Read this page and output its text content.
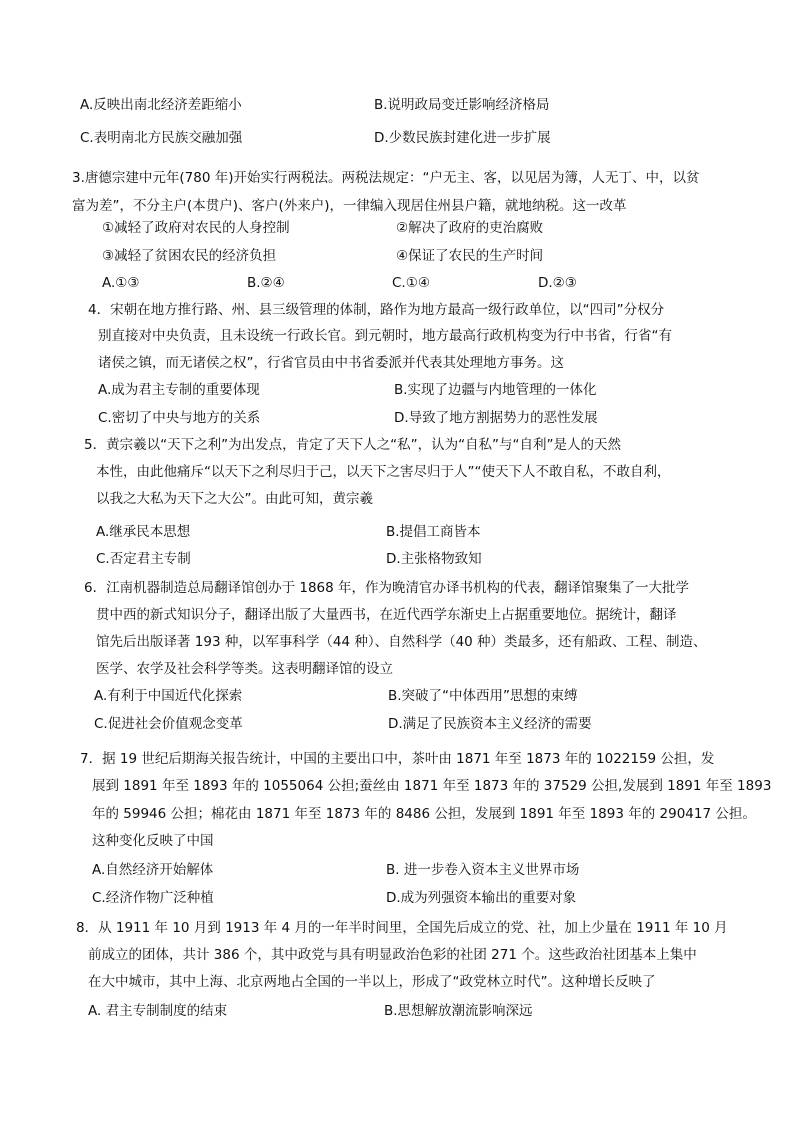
A.反映出南北经济差距缩小	B.说明政局变迁影响经济格局
C.表明南北方民族交融加强	D.少数民族封建化进一步扩展
3.唐德宗建中元年(780 年)开始实行两税法。两税法规定：“户无主、客，以见居为簿，人无丁、中，以贫
富为差”，不分主户(本贯户)、客户(外来户)，一律编入现居住州县户籍，就地纳税。这一改革
①减轻了政府对农民的人身控制	②解决了政府的吏治腐败
③减轻了贫困农民的经济负担	④保证了农民的生产时间
A.①③	B.②④	C.①④	D.②③
4．宋朝在地方推行路、州、县三级管理的体制，路作为地方最高一级行政单位，以“四司”分权分
别直接对中央负责，且未设统一行政长官。到元朝时，地方最高行政机构变为行中书省，行省“有
诸侯之镇，而无诸侯之权”，行省官员由中书省委派并代表其处理地方事务。这
A.成为君主专制的重要体现	B.实现了边疆与内地管理的一体化
C.密切了中央与地方的关系	D.导致了地方割据势力的恶性发展
5．黄宗羲以“天下之利”为出发点，肯定了天下人之“私”，认为“自私”与“自利”是人的天然
本性，由此他痛斥“以天下之利尽归于己，以天下之害尽归于人”“使天下人不敢自私，不敢自利，
以我之大私为天下之大公”。由此可知，黄宗羲
A.继承民本思想	B.提倡工商皆本
C.否定君主专制	D.主张格物致知
6．江南机器制造总局翻译馆创办于 1868 年，作为晚清官办译书机构的代表，翻译馆聚集了一大批学
贯中西的新式知识分子，翻译出版了大量西书，在近代西学东渐史上占据重要地位。据统计，翻译
馆先后出版译著 193 种，以军事科学（44 种）、自然科学（40 种）类最多，还有船政、工程、制造、
医学、农学及社会科学等类。这表明翻译馆的设立
A.有利于中国近代化探索	B.突破了“中体西用”思想的束缚
C.促进社会价值观念变革	D.满足了民族资本主义经济的需要
7．据 19 世纪后期海关报告统计，中国的主要出口中，茶叶由 1871 年至 1873 年的 1022159 公担，发
展到 1891 年至 1893 年的 1055064 公担;蚕丝由 1871 年至 1873 年的 37529 公担,发展到 1891 年至 1893
年的 59946 公担；棉花由 1871 年至 1873 年的 8486 公担，发展到 1891 年至 1893 年的 290417 公担。
这种变化反映了中国
A.自然经济开始解体	B. 进一步卷入资本主义世界市场
C.经济作物广泛种植	D.成为列强资本输出的重要对象
8．从 1911 年 10 月到 1913 年 4 月的一年半时间里，全国先后成立的党、社，加上少量在 1911 年 10 月
前成立的团体，共计 386 个，其中政党与具有明显政治色彩的社团 271 个。这些政治社团基本上集中
在大中城市，其中上海、北京两地占全国的一半以上，形成了“政党林立时代”。这种增长反映了
A. 君主专制制度的结束	B.思想解放潮流影响深远
